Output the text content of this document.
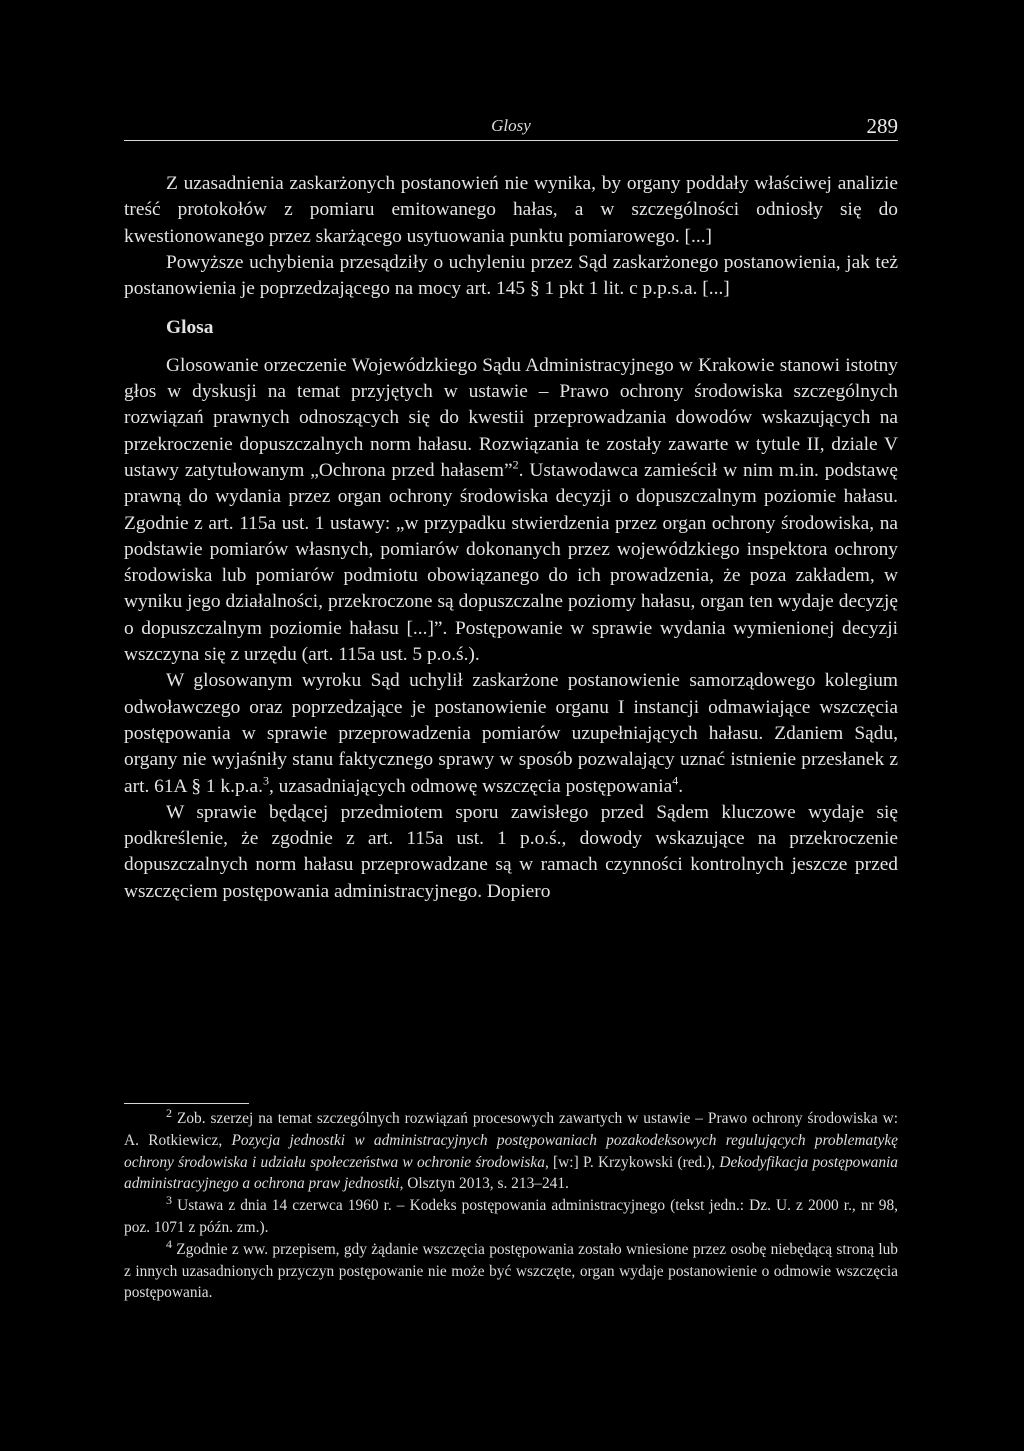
Glosy	289

Z uzasadnienia zaskarżonych postanowień nie wynika, by organy poddały właściwej analizie treść protokołów z pomiaru emitowanego hałas, a w szczególności odniosły się do kwestionowanego przez skarżącego usytuowania punktu pomiarowego. [...]

Powyższe uchybienia przesądziły o uchyleniu przez Sąd zaskarżonego postanowienia, jak też postanowienia je poprzedzającego na mocy art. 145 § 1 pkt 1 lit. c p.p.s.a. [...]

Glosa

Glosowanie orzeczenie Wojewódzkiego Sądu Administracyjnego w Krakowie stanowi istotny głos w dyskusji na temat przyjętych w ustawie – Prawo ochrony środowiska szczególnych rozwiązań prawnych odnoszących się do kwestii przeprowadzania dowodów wskazujących na przekroczenie dopuszczalnych norm hałasu. Rozwiązania te zostały zawarte w tytule II, dziale V ustawy zatytułowanym „Ochrona przed hałasem”$^2$. Ustawodawca zamieścił w nim m.in. podstawę prawną do wydania przez organ ochrony środowiska decyzji o dopuszczalnym poziomie hałasu. Zgodnie z art. 115a ust. 1 ustawy: „w przypadku stwierdzenia przez organ ochrony środowiska, na podstawie pomiarów własnych, pomiarów dokonanych przez wojewódzkiego inspektora ochrony środowiska lub pomiarów podmiotu obowiązanego do ich prowadzenia, że poza zakładem, w wyniku jego działalności, przekroczone są dopuszczalne poziomy hałasu, organ ten wydaje decyzję o dopuszczalnym poziomie hałasu [...]”. Postępowanie w sprawie wydania wymienionej decyzji wszczyna się z urzędu (art. 115a ust. 5 p.o.ś.).

W glosowanym wyroku Sąd uchylił zaskarżone postanowienie samorządowego kolegium odwoławczego oraz poprzedzające je postanowienie organu I instancji odmawiające wszczęcia postępowania w sprawie przeprowadzenia pomiarów uzupełniających hałasu. Zdaniem Sądu, organy nie wyjaśniły stanu faktycznego sprawy w sposób pozwalający uznać istnienie przesłanek z art. 61A § 1 k.p.a.$^3$, uzasadniających odmowę wszczęcia postępowania$^4$.

W sprawie będącej przedmiotem sporu zawisłego przed Sądem kluczowe wydaje się podkreślenie, że zgodnie z art. 115a ust. 1 p.o.ś., dowody wskazujące na przekroczenie dopuszczalnych norm hałasu przeprowadzane są w ramach czynności kontrolnych jeszcze przed wszczęciem postępowania administracyjnego. Dopiero

$^2$ Zob. szerzej na temat szczególnych rozwiązań procesowych zawartych w ustawie – Prawo ochrony środowiska w: A. Rotkiewicz, Pozycja jednostki w administracyjnych postępowaniach pozakodeksowych regulujących problematykę ochrony środowiska i udziału społeczeństwa w ochronie środowiska, [w:] P. Krzykowski (red.), Dekodyfikacja postępowania administracyjnego a ochrona praw jednostki, Olsztyn 2013, s. 213–241.

$^3$ Ustawa z dnia 14 czerwca 1960 r. – Kodeks postępowania administracyjnego (tekst jedn.: Dz. U. z 2000 r., nr 98, poz. 1071 z późn. zm.).

$^4$ Zgodnie z ww. przepisem, gdy żądanie wszczęcia postępowania zostało wniesione przez osobę niebędącą stroną lub z innych uzasadnionych przyczyn postępowanie nie może być wszczęte, organ wydaje postanowienie o odmowie wszczęcia postępowania.
